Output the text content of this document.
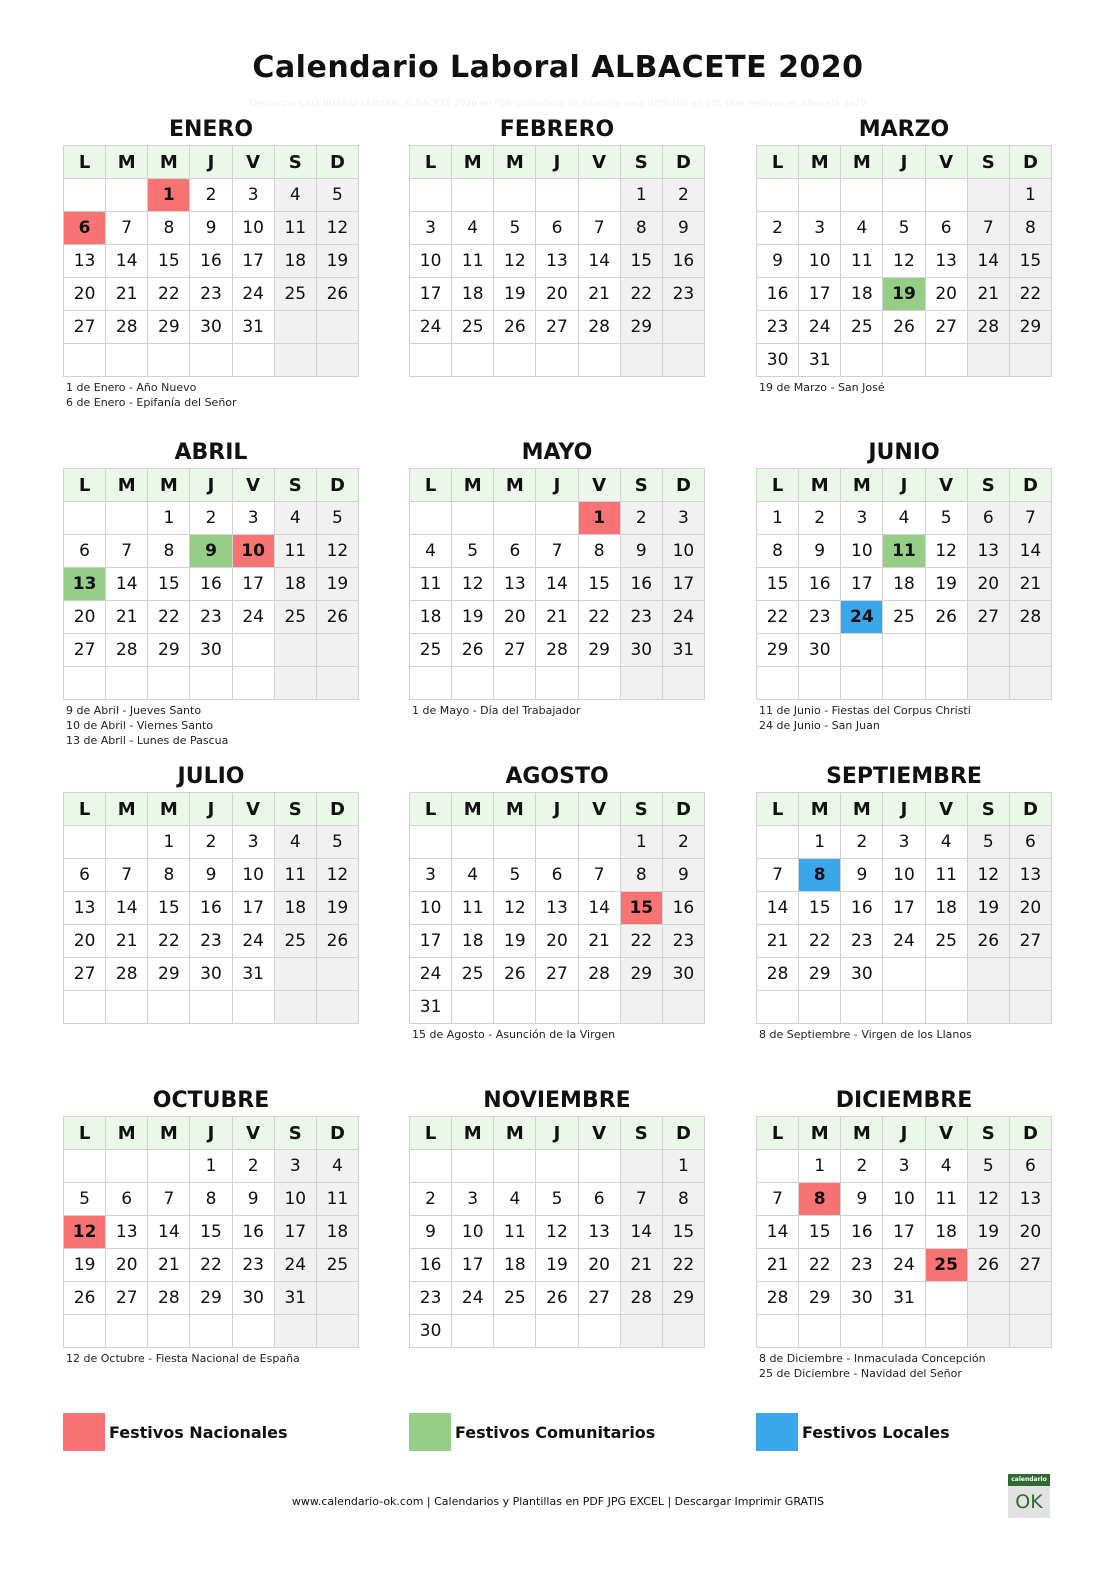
Calendario Laboral ALBACETE 2020
Descargar CALENDARIO LABORAL ALBACETE 2020 en PDF. Calendario de Albacete para IMPRIMIR en pdf. Días Festivos en Albacete 2020
ENERO
L	M	M	J	V	S	D
		1	2	3	4	5
6	7	8	9	10	11	12
13	14	15	16	17	18	19
20	21	22	23	24	25	26
27	28	29	30	31		

1 de Enero - Año Nuevo
6 de Enero - Epifanía del Señor
FEBRERO
L	M	M	J	V	S	D
					1	2
3	4	5	6	7	8	9
10	11	12	13	14	15	16
17	18	19	20	21	22	23
24	25	26	27	28	29	

MARZO
L	M	M	J	V	S	D
						1
2	3	4	5	6	7	8
9	10	11	12	13	14	15
16	17	18	19	20	21	22
23	24	25	26	27	28	29
30	31					
19 de Marzo - San José
ABRIL
L	M	M	J	V	S	D
		1	2	3	4	5
6	7	8	9	10	11	12
13	14	15	16	17	18	19
20	21	22	23	24	25	26
27	28	29	30			

9 de Abril - Jueves Santo
10 de Abril - Viernes Santo
13 de Abril - Lunes de Pascua
MAYO
L	M	M	J	V	S	D
				1	2	3
4	5	6	7	8	9	10
11	12	13	14	15	16	17
18	19	20	21	22	23	24
25	26	27	28	29	30	31

1 de Mayo - Día del Trabajador
JUNIO
L	M	M	J	V	S	D
1	2	3	4	5	6	7
8	9	10	11	12	13	14
15	16	17	18	19	20	21
22	23	24	25	26	27	28
29	30					

11 de Junio - Fiestas del Corpus Christi
24 de Junio - San Juan
JULIO
L	M	M	J	V	S	D
		1	2	3	4	5
6	7	8	9	10	11	12
13	14	15	16	17	18	19
20	21	22	23	24	25	26
27	28	29	30	31		

AGOSTO
L	M	M	J	V	S	D
					1	2
3	4	5	6	7	8	9
10	11	12	13	14	15	16
17	18	19	20	21	22	23
24	25	26	27	28	29	30
31						
15 de Agosto - Asunción de la Virgen
SEPTIEMBRE
L	M	M	J	V	S	D
	1	2	3	4	5	6
7	8	9	10	11	12	13
14	15	16	17	18	19	20
21	22	23	24	25	26	27
28	29	30				

8 de Septiembre - Virgen de los Llanos
OCTUBRE
L	M	M	J	V	S	D
			1	2	3	4
5	6	7	8	9	10	11
12	13	14	15	16	17	18
19	20	21	22	23	24	25
26	27	28	29	30	31	

12 de Octubre - Fiesta Nacional de España
NOVIEMBRE
L	M	M	J	V	S	D
						1
2	3	4	5	6	7	8
9	10	11	12	13	14	15
16	17	18	19	20	21	22
23	24	25	26	27	28	29
30						
DICIEMBRE
L	M	M	J	V	S	D
	1	2	3	4	5	6
7	8	9	10	11	12	13
14	15	16	17	18	19	20
21	22	23	24	25	26	27
28	29	30	31			

8 de Diciembre - Inmaculada Concepción
25 de Diciembre - Navidad del Señor
Festivos Nacionales	Festivos Comunitarios	Festivos Locales
www.calendario-ok.com | Calendarios y Plantillas en PDF JPG EXCEL | Descargar Imprimir GRATIS
calendario
OK
